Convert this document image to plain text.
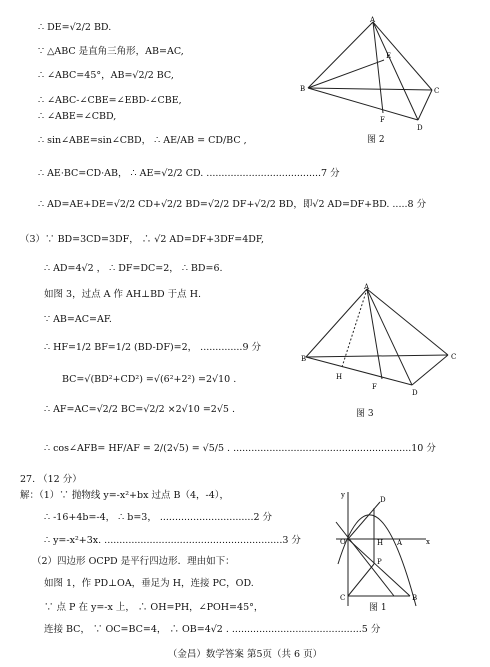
∴ DE=√2/2 BD.
∵ △ABC 是直角三角形，AB=AC,
∴ ∠ABC=45°，AB=√2/2 BC,
∴ ∠ABC-∠CBE=∠EBD-∠CBE,
∴ ∠ABE=∠CBD,
∴ sin∠ABE=sin∠CBD， ∴ AE/AB = CD/BC ,
∴ AE·BC=CD·AB， ∴ AE=√2/2 CD. ......................................7 分
∴ AD=AE+DE=√2/2 CD+√2/2 BD=√2/2 DF+√2/2 BD，即√2 AD=DF+BD. .....8 分
（3）∵ BD=3CD=3DF， ∴ √2 AD=DF+3DF=4DF,
∴ AD=4√2 ， ∴ DF=DC=2， ∴ BD=6.
如图 3，过点 A 作 AH⊥BD 于点 H.
∵ AB=AC=AF.
∴ HF=1/2 BF=1/2 (BD-DF)=2， ..............9 分
BC=√(BD²+CD²) =√(6²+2²) =2√10 .
∴ AF=AC=√2/2 BC=√2/2 ×2√10 =2√5 .
∴ cos∠AFB= HF/AF = 2/(2√5) = √5/5 . ...........................................................10 分
27. （12 分）
解：（1）∵ 抛物线 y=-x²+bx 过点 B（4，-4），
∴ -16+4b=-4， ∴ b=3， ...............................2 分
∴ y=-x²+3x. ...........................................................3 分
（2）四边形 OCPD 是平行四边形．理由如下：
如图 1，作 PD⊥OA，垂足为 H，连接 PC，OD.
∵ 点 P 在 y=-x 上， ∴ OH=PH，∠POH=45°，
连接 BC， ∵ OC=BC=4， ∴ OB=4√2 . ...........................................5 分
A
B	C
D
E
F
图 2
A
B	C
D
H
F
图 3
y
x
O
D
H A
P
C	B
图 1
（金昌）数学答案 第5页（共 6 页）
